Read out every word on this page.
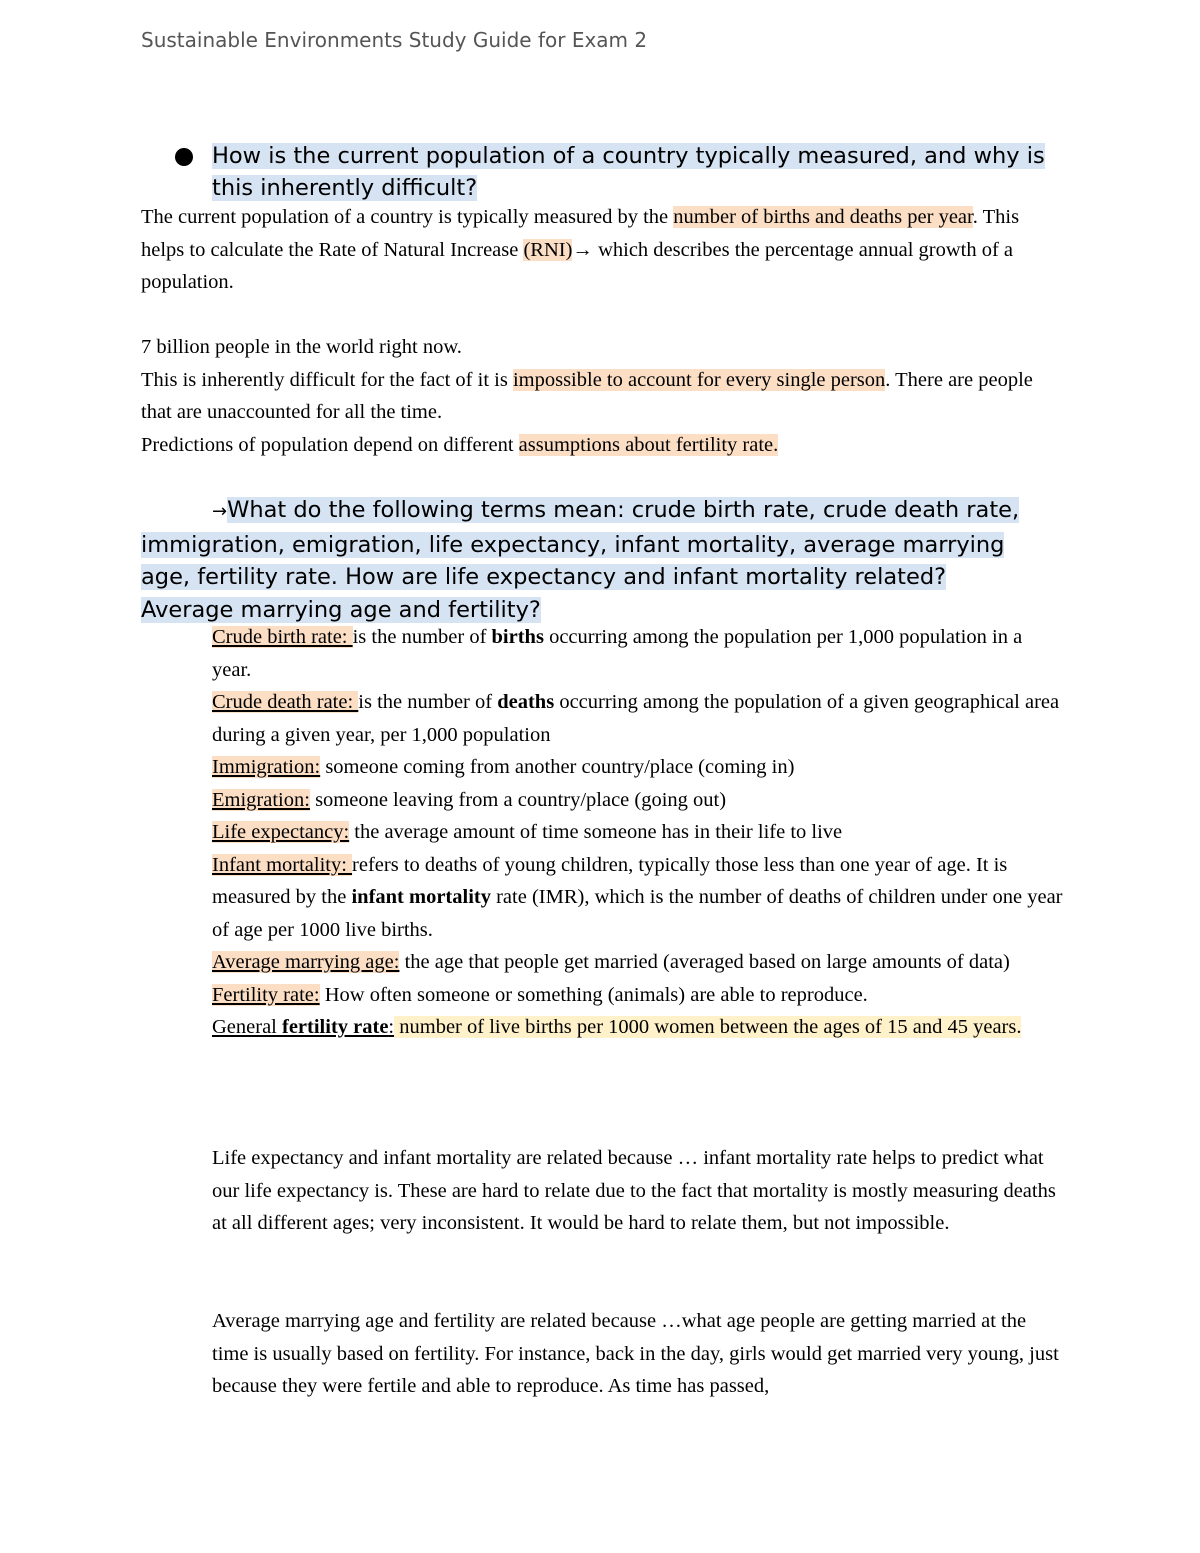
Sustainable Environments Study Guide for Exam 2
How is the current population of a country typically measured, and why is this inherently difficult?

The current population of a country is typically measured by the number of births and deaths per year. This helps to calculate the Rate of Natural Increase (RNI)→ which describes the percentage annual growth of a population.

7 billion people in the world right now.

This is inherently difficult for the fact of it is impossible to account for every single person. There are people that are unaccounted for all the time.

Predictions of population depend on different assumptions about fertility rate.

→What do the following terms mean: crude birth rate, crude death rate, immigration, emigration, life expectancy, infant mortality, average marrying age, fertility rate. How are life expectancy and infant mortality related? Average marrying age and fertility?

Crude birth rate: is the number of births occurring among the population per 1,000 population in a year.

Crude death rate: is the number of deaths occurring among the population of a given geographical area during a given year, per 1,000 population

Immigration: someone coming from another country/place (coming in)

Emigration: someone leaving from a country/place (going out)

Life expectancy: the average amount of time someone has in their life to live

Infant mortality: refers to deaths of young children, typically those less than one year of age. It is measured by the infant mortality rate (IMR), which is the number of deaths of children under one year of age per 1000 live births.

Average marrying age: the age that people get married (averaged based on large amounts of data)

Fertility rate: How often someone or something (animals) are able to reproduce.

General fertility rate: number of live births per 1000 women between the ages of 15 and 45 years.

Life expectancy and infant mortality are related because … infant mortality rate helps to predict what our life expectancy is. These are hard to relate due to the fact that mortality is mostly measuring deaths at all different ages; very inconsistent. It would be hard to relate them, but not impossible.

Average marrying age and fertility are related because …what age people are getting married at the time is usually based on fertility. For instance, back in the day, girls would get married very young, just because they were fertile and able to reproduce. As time has passed,
